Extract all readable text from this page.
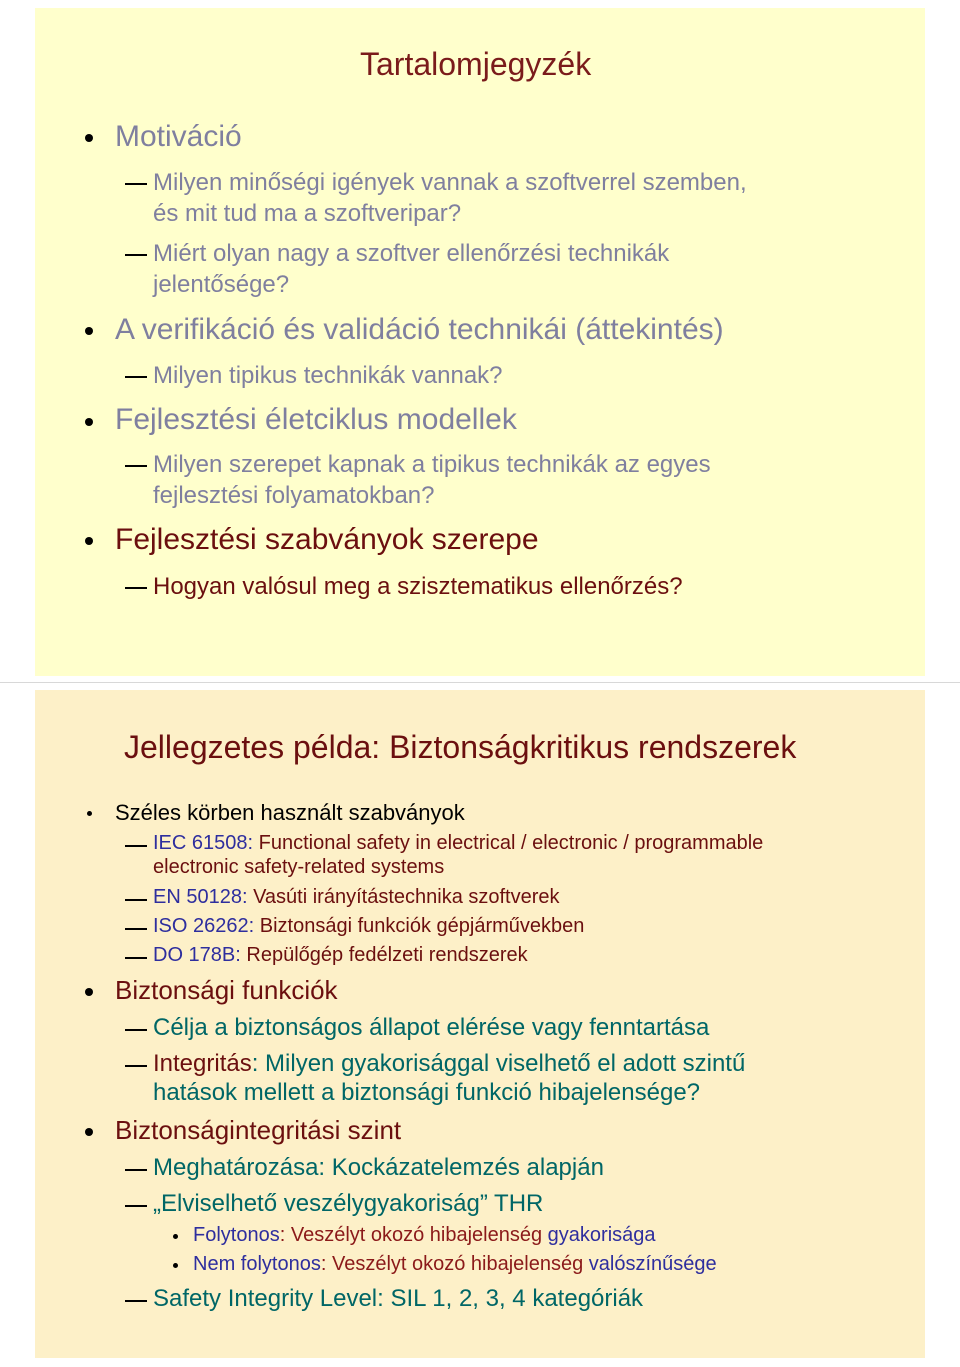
Tartalomjegyzék
Motiváció
Milyen minőségi igények vannak a szoftverrel szemben,
és mit tud ma a szoftveripar?
Miért olyan nagy a szoftver ellenőrzési technikák
jelentősége?
A verifikáció és validáció technikái (áttekintés)
Milyen tipikus technikák vannak?
Fejlesztési életciklus modellek
Milyen szerepet kapnak a tipikus technikák az egyes
fejlesztési folyamatokban?
Fejlesztési szabványok szerepe
Hogyan valósul meg a szisztematikus ellenőrzés?
Jellegzetes példa: Biztonságkritikus rendszerek
Széles körben használt szabványok
IEC 61508: Functional safety in electrical / electronic / programmable
electronic safety-related systems
EN 50128: Vasúti irányítástechnika szoftverek
ISO 26262: Biztonsági funkciók gépjárművekben
DO 178B: Repülőgép fedélzeti rendszerek
Biztonsági funkciók
Célja a biztonságos állapot elérése vagy fenntartása
Integritás: Milyen gyakorisággal viselhető el adott szintű
hatások mellett a biztonsági funkció hibajelensége?
Biztonságintegritási szint
Meghatározása: Kockázatelemzés alapján
„Elviselhető veszélygyakoriság” THR
Folytonos: Veszélyt okozó hibajelenség gyakorisága
Nem folytonos: Veszélyt okozó hibajelenség valószínűsége
Safety Integrity Level: SIL 1, 2, 3, 4 kategóriák
